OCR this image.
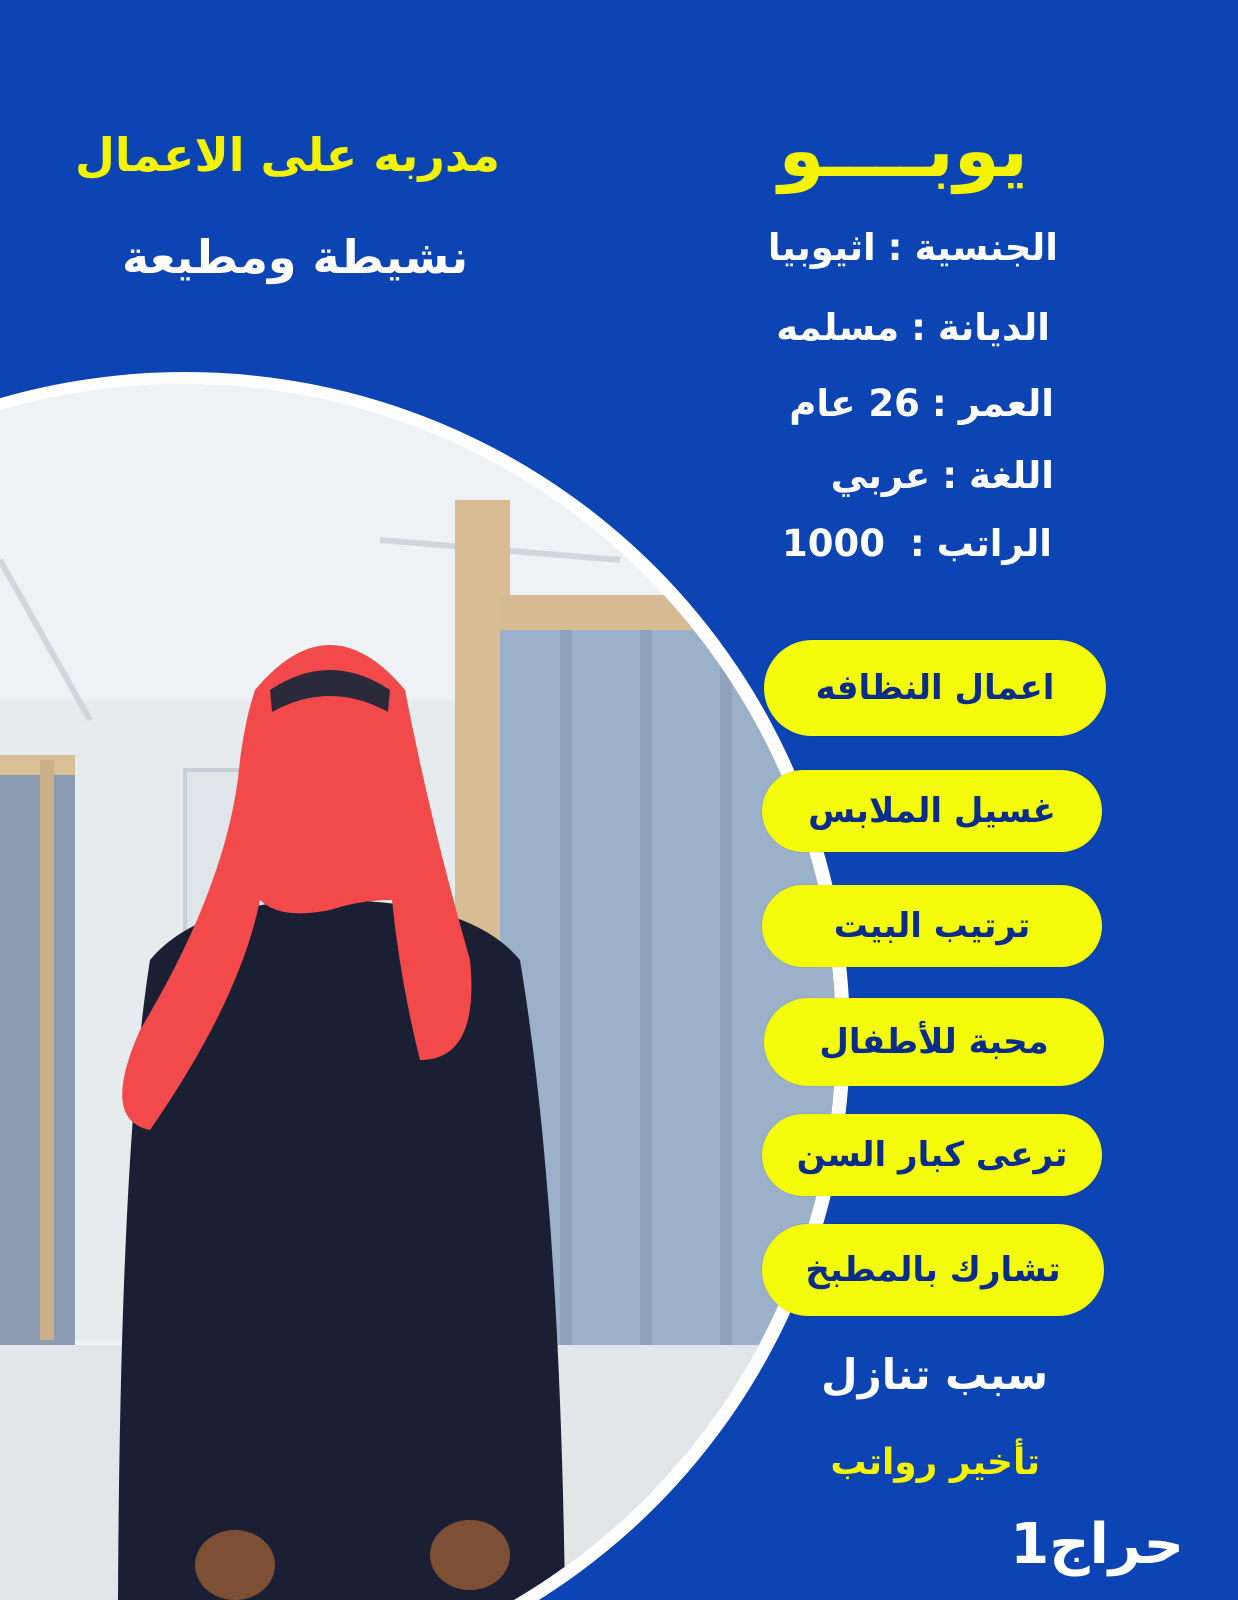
مدربه على الاعمال
نشيطة ومطيعة
يوبــــو
الجنسية:اثيوبيا
الديانة:مسلمه
العمر:26 عام
اللغة:عربي
الراتب: 1000
اعمال النظافه
غسيل الملابس
ترتيب البيت
محبة للأطفال
ترعى كبار السن
تشارك بالمطبخ
سبب تنازل
تأخير رواتب
حراج1
